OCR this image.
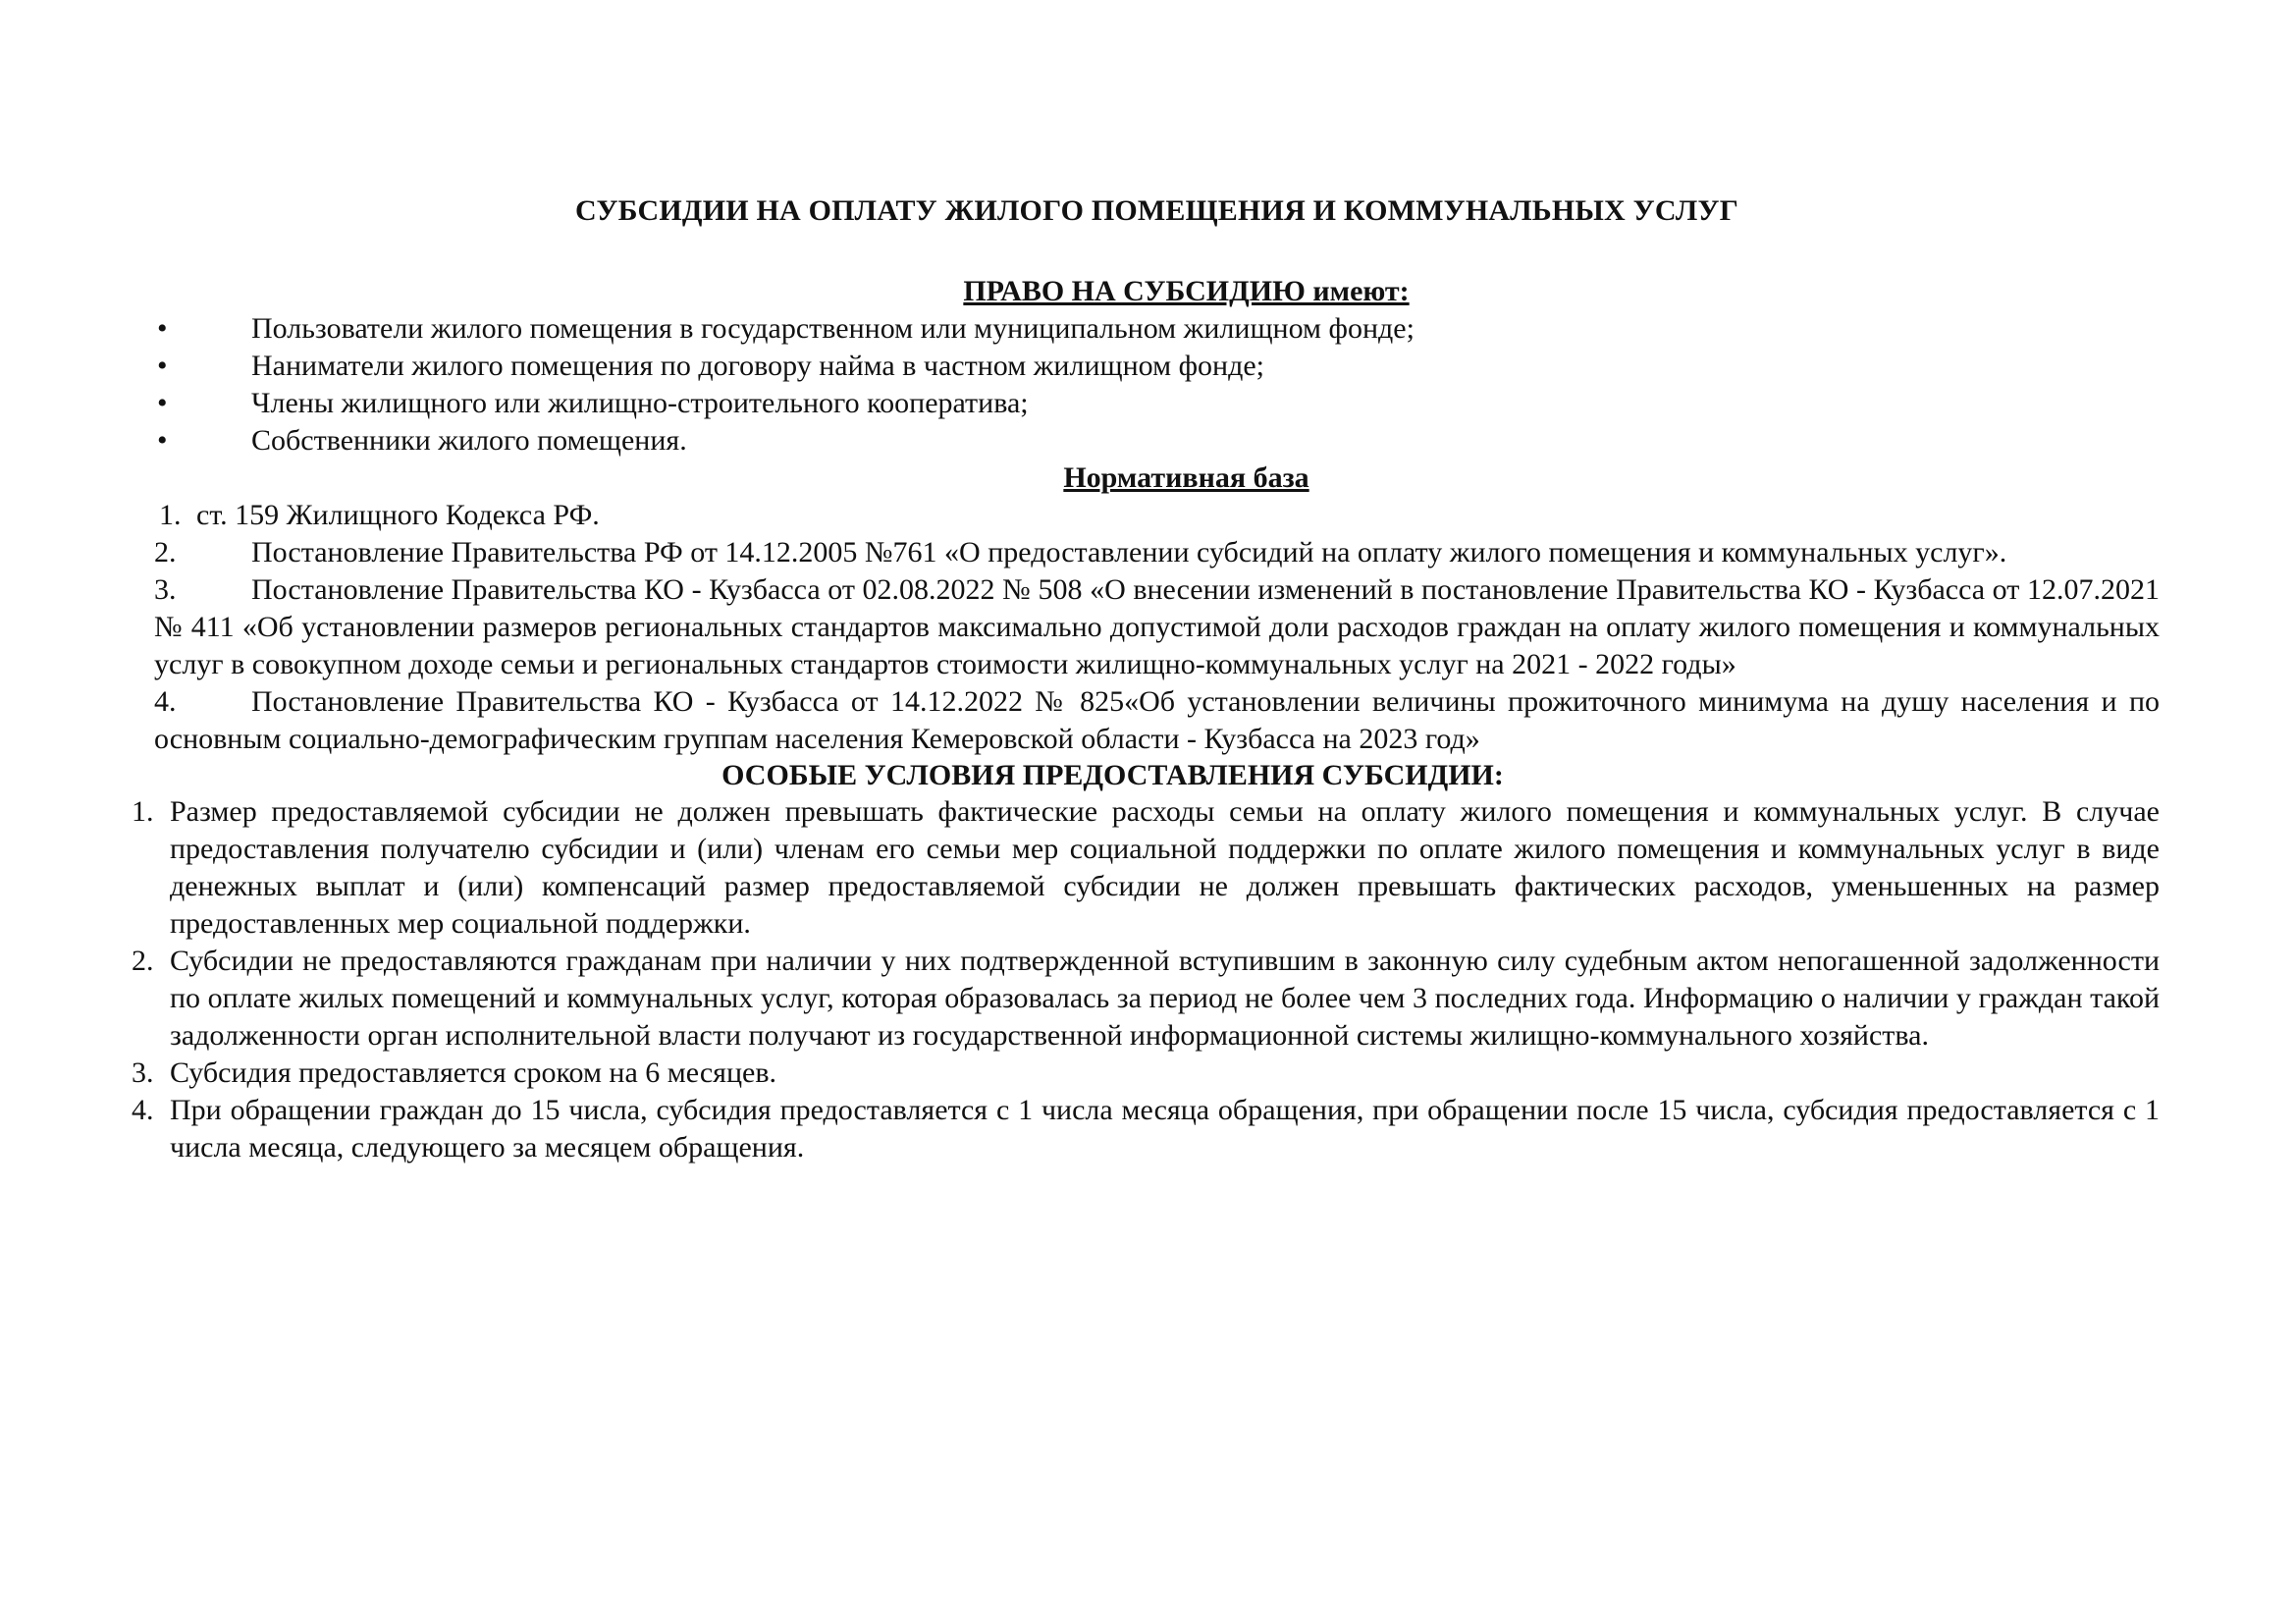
СУБСИДИИ НА ОПЛАТУ ЖИЛОГО ПОМЕЩЕНИЯ И КОММУНАЛЬНЫХ УСЛУГ
ПРАВО НА СУБСИДИЮ имеют:
•	Пользователи жилого помещения в государственном или муниципальном жилищном фонде;
•	Наниматели жилого помещения по договору найма в частном жилищном фонде;
•	Члены жилищного или жилищно-строительного кооператива;
•	Собственники жилого помещения.
Нормативная база
1. ст. 159 Жилищного Кодекса РФ.
2.	Постановление Правительства РФ от 14.12.2005 №761 «О предоставлении субсидий на оплату жилого помещения и коммунальных услуг».
3.	Постановление Правительства КО - Кузбасса от 02.08.2022 № 508 «О внесении изменений в постановление Правительства КО - Кузбасса от 12.07.2021 № 411 «Об установлении размеров региональных стандартов максимально допустимой доли расходов граждан на оплату жилого помещения и коммунальных услуг в совокупном доходе семьи и региональных стандартов стоимости жилищно-коммунальных услуг на 2021 - 2022 годы»
4.	Постановление Правительства КО - Кузбасса от 14.12.2022 № 825«Об установлении величины прожиточного минимума на душу населения и по основным социально-демографическим группам населения Кемеровской области - Кузбасса на 2023 год»
ОСОБЫЕ УСЛОВИЯ ПРЕДОСТАВЛЕНИЯ СУБСИДИИ:
1. Размер предоставляемой субсидии не должен превышать фактические расходы семьи на оплату жилого помещения и коммунальных услуг. В случае предоставления получателю субсидии и (или) членам его семьи мер социальной поддержки по оплате жилого помещения и коммунальных услуг в виде денежных выплат и (или) компенсаций размер предоставляемой субсидии не должен превышать фактических расходов, уменьшенных на размер предоставленных мер социальной поддержки.
2. Субсидии не предоставляются гражданам при наличии у них подтвержденной вступившим в законную силу судебным актом непогашенной задолженности по оплате жилых помещений и коммунальных услуг, которая образовалась за период не более чем 3 последних года. Информацию о наличии у граждан такой задолженности орган исполнительной власти получают из государственной информационной системы жилищно-коммунального хозяйства.
3. Субсидия предоставляется сроком на 6 месяцев.
4. При обращении граждан до 15 числа, субсидия предоставляется с 1 числа месяца обращения, при обращении после 15 числа, субсидия предоставляется с 1 числа месяца, следующего за месяцем обращения.
